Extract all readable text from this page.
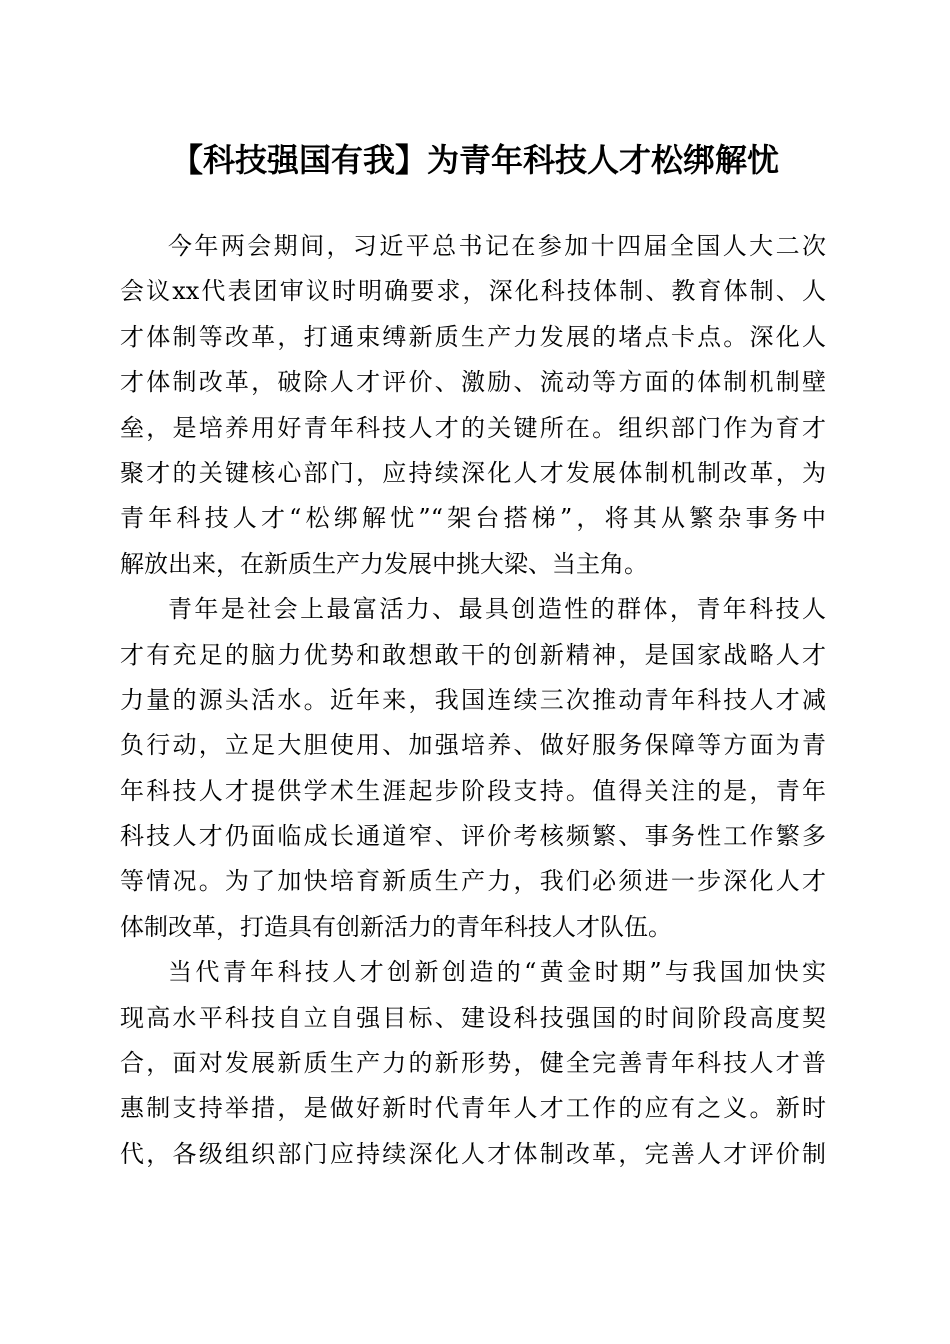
【科技强国有我】为青年科技人才松绑解忧
今年两会期间，习近平总书记在参加十四届全国人大二次
会议xx代表团审议时明确要求，深化科技体制、教育体制、人
才体制等改革，打通束缚新质生产力发展的堵点卡点。深化人
才体制改革，破除人才评价、激励、流动等方面的体制机制壁
垒，是培养用好青年科技人才的关键所在。组织部门作为育才
聚才的关键核心部门，应持续深化人才发展体制机制改革，为
青年科技人才“松绑解忧”“架台搭梯”，将其从繁杂事务中
解放出来，在新质生产力发展中挑大梁、当主角。
青年是社会上最富活力、最具创造性的群体，青年科技人
才有充足的脑力优势和敢想敢干的创新精神，是国家战略人才
力量的源头活水。近年来，我国连续三次推动青年科技人才减
负行动，立足大胆使用、加强培养、做好服务保障等方面为青
年科技人才提供学术生涯起步阶段支持。值得关注的是，青年
科技人才仍面临成长通道窄、评价考核频繁、事务性工作繁多
等情况。为了加快培育新质生产力，我们必须进一步深化人才
体制改革，打造具有创新活力的青年科技人才队伍。
当代青年科技人才创新创造的“黄金时期”与我国加快实
现高水平科技自立自强目标、建设科技强国的时间阶段高度契
合，面对发展新质生产力的新形势，健全完善青年科技人才普
惠制支持举措，是做好新时代青年人才工作的应有之义。新时
代，各级组织部门应持续深化人才体制改革，完善人才评价制
